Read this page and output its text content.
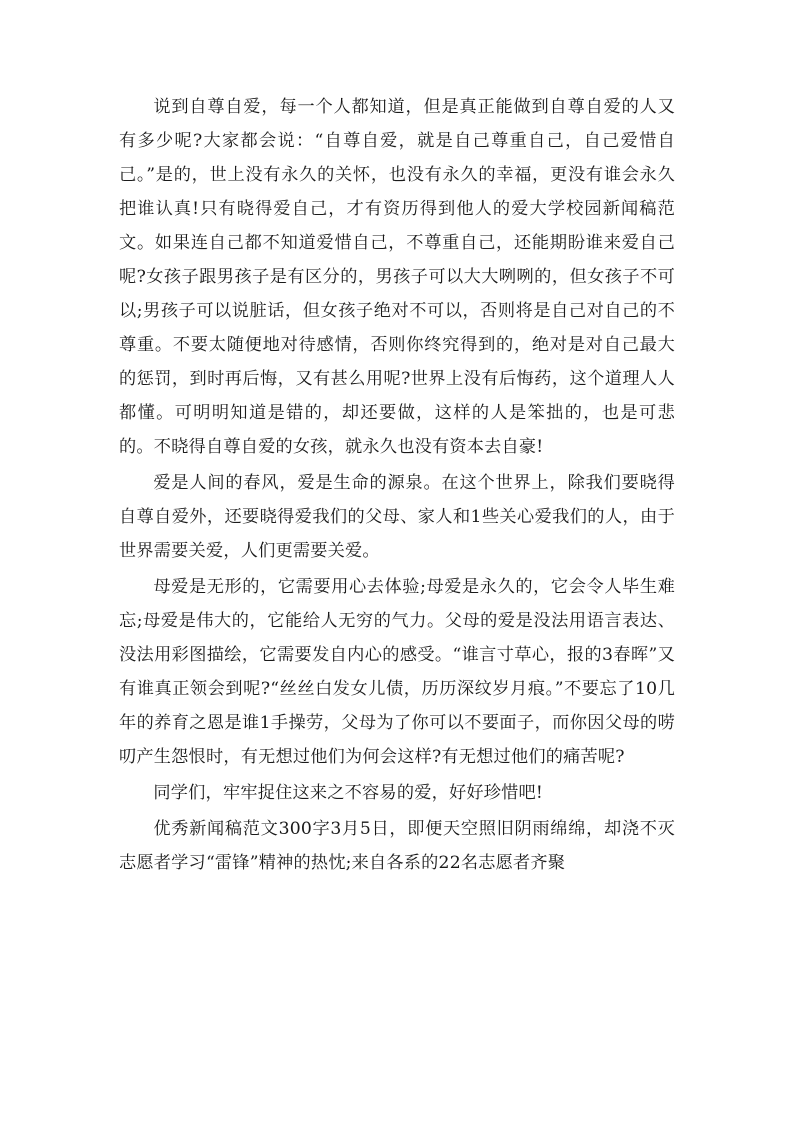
说到自尊自爱，每一个人都知道，但是真正能做到自尊自爱的人又有多少呢?大家都会说：“自尊自爱，就是自己尊重自己，自己爱惜自己。”是的，世上没有永久的关怀，也没有永久的幸福，更没有谁会永久把谁认真!只有晓得爱自己，才有资历得到他人的爱大学校园新闻稿范文。如果连自己都不知道爱惜自己，不尊重自己，还能期盼谁来爱自己呢?女孩子跟男孩子是有区分的，男孩子可以大大咧咧的，但女孩子不可以;男孩子可以说脏话，但女孩子绝对不可以，否则将是自己对自己的不尊重。不要太随便地对待感情，否则你终究得到的，绝对是对自己最大的惩罚，到时再后悔，又有甚么用呢?世界上没有后悔药，这个道理人人都懂。可明明知道是错的，却还要做，这样的人是笨拙的，也是可悲的。不晓得自尊自爱的女孩，就永久也没有资本去自豪!

爱是人间的春风，爱是生命的源泉。在这个世界上，除我们要晓得自尊自爱外，还要晓得爱我们的父母、家人和1些关心爱我们的人，由于世界需要关爱，人们更需要关爱。

母爱是无形的，它需要用心去体验;母爱是永久的，它会令人毕生难忘;母爱是伟大的，它能给人无穷的气力。父母的爱是没法用语言表达、没法用彩图描绘，它需要发自内心的感受。“谁言寸草心，报的3春晖”又有谁真正领会到呢?“丝丝白发女儿债，历历深纹岁月痕。”不要忘了10几年的养育之恩是谁1手操劳，父母为了你可以不要面子，而你因父母的唠叨产生怨恨时，有无想过他们为何会这样?有无想过他们的痛苦呢?

同学们，牢牢捉住这来之不容易的爱，好好珍惜吧!

优秀新闻稿范文300字3月5日，即便天空照旧阴雨绵绵，却浇不灭志愿者学习“雷锋”精神的热忱;来自各系的22名志愿者齐聚
